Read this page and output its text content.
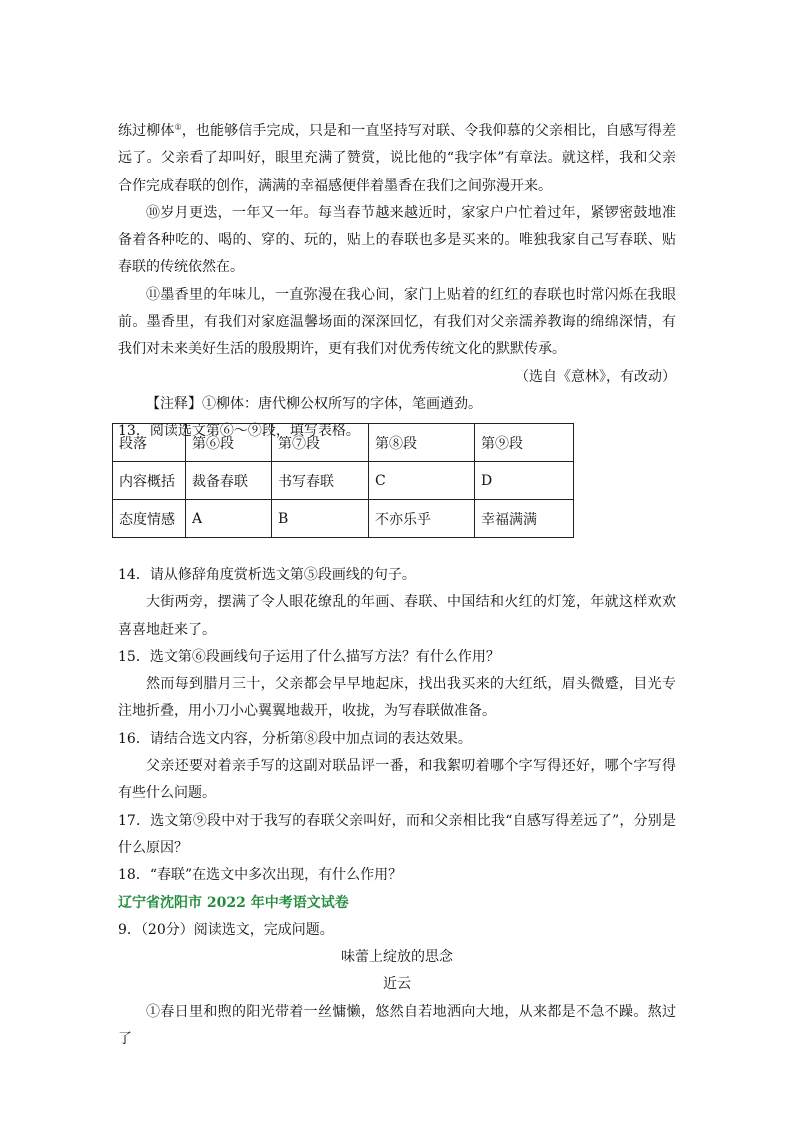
练过柳体①，也能够信手完成，只是和一直坚持写对联、令我仰慕的父亲相比，自感写得差远了。父亲看了却叫好，眼里充满了赞赏，说比他的“我字体”有章法。就这样，我和父亲合作完成春联的创作，满满的幸福感便伴着墨香在我们之间弥漫开来。

⑩岁月更迭，一年又一年。每当春节越来越近时，家家户户忙着过年，紧锣密鼓地准备着各种吃的、喝的、穿的、玩的，贴上的春联也多是买来的。唯独我家自己写春联、贴春联的传统依然在。

⑪墨香里的年味儿，一直弥漫在我心间，家门上贴着的红红的春联也时常闪烁在我眼前。墨香里，有我们对家庭温馨场面的深深回忆，有我们对父亲濡养教诲的绵绵深情，有我们对未来美好生活的殷殷期许，更有我们对优秀传统文化的默默传承。

（选自《意林》，有改动）

【注释】①柳体：唐代柳公权所写的字体，笔画遒劲。

13．阅读选文第⑥～⑨段，填写表格。

段落	第⑥段	第⑦段	第⑧段	第⑨段
内容概括	裁备春联	书写春联	C	D
态度情感	A	B	不亦乐乎	幸福满满

14．请从修辞角度赏析选文第⑤段画线的句子。

大街两旁，摆满了令人眼花缭乱的年画、春联、中国结和火红的灯笼，年就这样欢欢喜喜地赶来了。

15．选文第⑥段画线句子运用了什么描写方法？有什么作用？

然而每到腊月三十，父亲都会早早地起床，找出我买来的大红纸，眉头微蹙，目光专注地折叠，用小刀小心翼翼地裁开，收拢，为写春联做准备。

16．请结合选文内容，分析第⑧段中加点词的表达效果。

父亲还要对着亲手写的这副对联品评一番，和我絮叨着哪个字写得还好，哪个字写得有些什么问题。

17．选文第⑨段中对于我写的春联父亲叫好，而和父亲相比我“自感写得差远了”，分别是什么原因？

18．“春联”在选文中多次出现，有什么作用？

辽宁省沈阳市 2022 年中考语文试卷

9．（20分）阅读选文，完成问题。

味蕾上绽放的思念

近云

①春日里和煦的阳光带着一丝慵懒，悠然自若地洒向大地，从来都是不急不躁。熬过了
